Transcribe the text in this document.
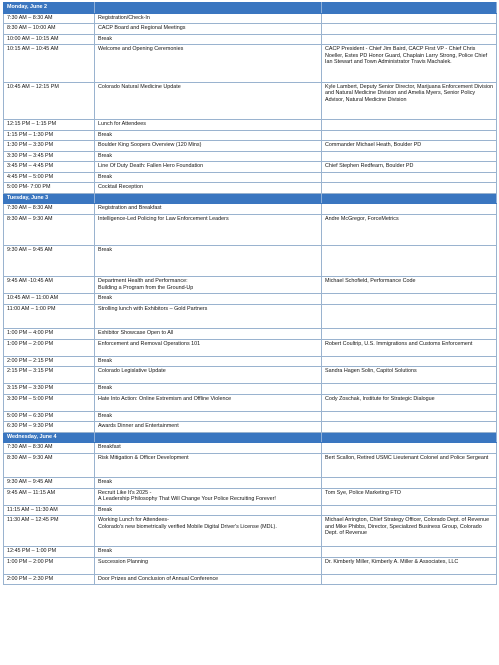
Monday, June 2		
7:30 AM – 8:30 AM	Registration/Check-In	
8:30 AM – 10:00 AM	CACP Board and Regional Meetings	
10:00 AM – 10:15 AM	Break	
10:15 AM – 10:45 AM	Welcome and Opening Ceremonies	CACP President - Chief Jim Baird, CACP First VP - Chief Chris Noeller, Estes PD Honor Guard, Chaplain Larry Strong, Police Chief Ian Stewart and Town Administrator Travis Machalek.
10:45 AM – 12:15 PM	Colorado Natural Medicine Update	Kyle Lambert, Deputy Senior Director, Marijuana Enforcement Division and Natural Medicine Division and Amelia Myers, Senior Policy Advisor, Natural Medicine Division
12:15 PM – 1:15 PM	Lunch for Attendees	
1:15 PM – 1:30 PM	Break	
1:30 PM – 3:30 PM	Boulder King Soopers Overview (120 Mins)	Commander Michael Heath, Boulder PD
3:30 PM – 3:45 PM	Break	
3:45 PM – 4:45 PM	Line Of Duty Death: Fallen Hero Foundation	Chief Stephen Redfearn, Boulder PD
4:45 PM – 5:00 PM	Break	
5:00 PM- 7:00 PM	Cocktail Reception	
Tuesday, June 3		
7:30 AM – 8:30 AM	Registration and Breakfast	
8:30 AM – 9:30 AM	Intelligence-Led Policing for Law Enforcement Leaders	Andre McGregor, ForceMetrics
9:30 AM – 9:45 AM	Break	
9:45 AM -10:45 AM	Department Health and Performance:
Building a Program from the Ground-Up	Michael Schofield, Performance Code
10:45 AM – 11:00 AM	Break	
11:00 AM – 1:00 PM	Strolling lunch with Exhibitors – Gold Partners	
1:00 PM – 4:00 PM	Exhibitor Showcase Open to All	
1:00 PM – 2:00 PM	Enforcement and Removal Operations 101	Robert Coultrip, U.S. Immigrations and Customs Enforcement
2:00 PM – 2:15 PM	Break	
2:15 PM – 3:15 PM	Colorado Legislative Update	Sandra Hagen Solin, Capitol Solutions
3:15 PM – 3:30 PM	Break	
3:30 PM – 5:00 PM	Hate Into Action: Online Extremism and Offline Violence	Cody Zoschak, Institute for Strategic Dialogue
5:00 PM – 6:30 PM	Break	
6:30 PM – 9:30 PM	Awards Dinner and Entertainment	
Wednesday, June 4		
7:30 AM – 8:30 AM	Breakfast	
8:30 AM – 9:30 AM	Risk Mitigation & Officer Development	Bert Scallon, Retired USMC Lieutenant Colonel and Police Sergeant
9:30 AM – 9:45 AM	Break	
9:45 AM – 11:15 AM	Recruit Like It's 2025 -
A Leadership Philosophy That Will Change Your Police Recruiting Forever!	Tom Sye, Police Marketing FTO
11:15 AM – 11:30 AM	Break	
11:30 AM – 12:45 PM	Working Lunch for Attendees-
Colorado's new biometrically verified Mobile Digital Driver's License (MDL).	Michael Arrington, Chief Strategy Officer, Colorado Dept. of Revenue and Mike Phibbs, Director, Specialized Business Group, Colorado Dept. of Revenue
12:45 PM – 1:00 PM	Break	
1:00 PM – 2:00 PM	Succession Planning	Dr. Kimberly Miller, Kimberly A. Miller & Associates, LLC
2:00 PM – 2:30 PM	Door Prizes and Conclusion of Annual Conference	
